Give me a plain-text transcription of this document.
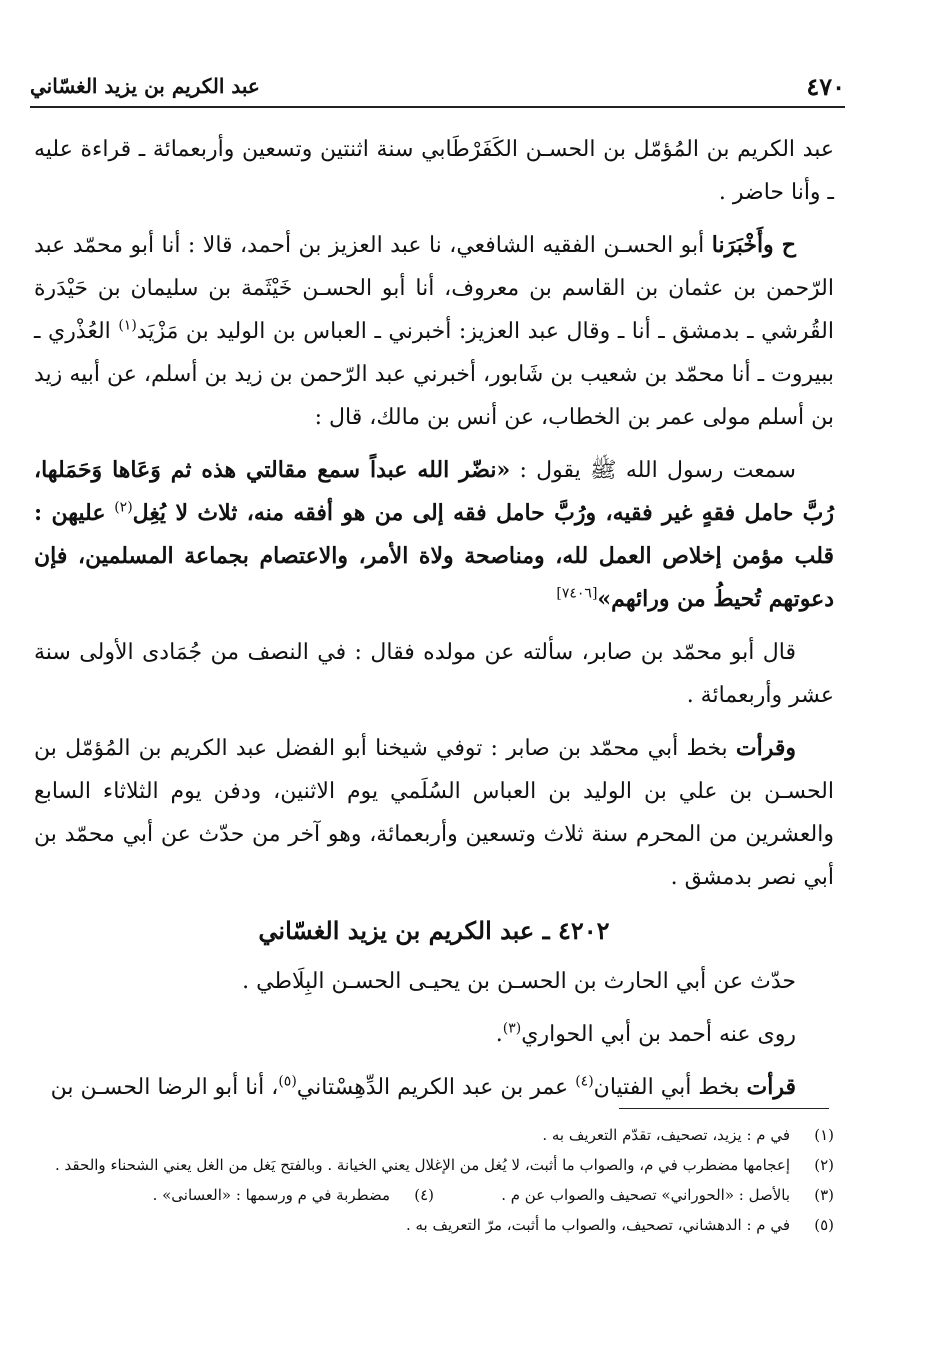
٤٧٠
عبد الكريم بن يزيد الغسّاني

عبد الكريم بن المُؤمّل بن الحسـن الكَفَرْطَابي سنة اثنتين وتسعين وأربعمائة ـ قراءة عليه ـ وأنا حاضر .

ح وأَخْبَرَنا أبو الحسـن الفقيه الشافعي، نا عبد العزيز بن أحمد، قالا : أنا أبو محمّد عبد الرّحمن بن عثمان بن القاسم بن معروف، أنا أبو الحسـن خَيْثَمة بن سليمان بن حَيْدَرة القُرشي ـ بدمشق ـ أنا ـ وقال عبد العزيز: أخبرني ـ العباس بن الوليد بن مَزْيَد$^{(١)}$ العُذْري ـ ببيروت ـ أنا محمّد بن شعيب بن شَابور، أخبرني عبد الرّحمن بن زيد بن أسلم، عن أبيه زيد بن أسلم مولى عمر بن الخطاب، عن أنس بن مالك، قال :

سمعت رسول الله ﷺ يقول : «نضّر الله عبداً سمع مقالتي هذه ثم وَعَاها وَحَمَلها، رُبَّ حامل فقهٍ غير فقيه، ورُبَّ حامل فقه إلى من هو أفقه منه، ثلاث لا يُغِل$^{(٢)}$ عليهن : قلب مؤمن إخلاص العمل لله، ومناصحة ولاة الأمر، والاعتصام بجماعة المسلمين، فإن دعوتهم تُحيطُ من ورائهم»[٧٤٠٦]

قال أبو محمّد بن صابر، سألته عن مولده فقال : في النصف من جُمَادى الأولى سنة عشر وأربعمائة .

وقرأت بخط أبي محمّد بن صابر : توفي شيخنا أبو الفضل عبد الكريم بن المُؤمّل بن الحسـن بن علي بن الوليد بن العباس السُلَمي يوم الاثنين، ودفن يوم الثلاثاء السابع والعشرين من المحرم سنة ثلاث وتسعين وأربعمائة، وهو آخر من حدّث عن أبي محمّد بن أبي نصر بدمشق .

٤٢٠٢ ـ عبد الكريم بن يزيد الغسّاني

حدّث عن أبي الحارث بن الحسـن بن يحيـى الحسـن البِلَاطي .

روى عنه أحمد بن أبي الحواري$^{(٣)}$.

قرأت بخط أبي الفتيان$^{(٤)}$ عمر بن عبد الكريم الدِّهِسْتاني$^{(٥)}$، أنا أبو الرضا الحسـن بن

(١)
في م : يزيد، تصحيف، تقدّم التعريف به .
(٢)
إعجامها مضطرب في م، والصواب ما أثبت، لا يُغل من الإغلال يعني الخيانة . وبالفتح يَغل من الغل يعني الشحناء والحقد .
(٣)
بالأصل : «الحوراني» تصحيف والصواب عن م .
(٤)
مضطربة في م ورسمها : «العسانى» .
(٥)
في م : الدهشاني، تصحيف، والصواب ما أثبت، مرّ التعريف به .
